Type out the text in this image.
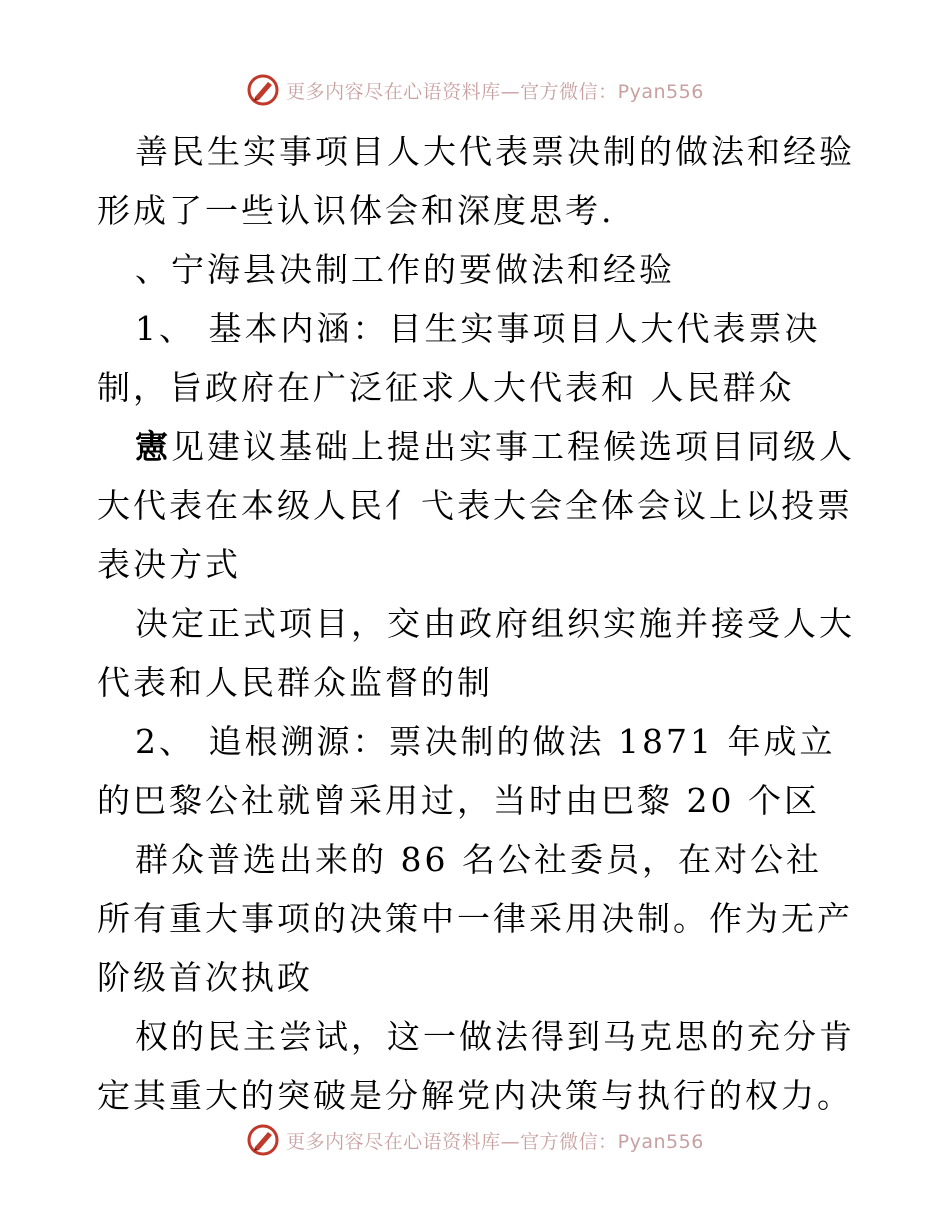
更多内容尽在心语资料库—官方微信：Pyan556

善民生实事项目人大代表票决制的做法和经验形成了一些认识体会和深度思考.

、宁海县决制工作的要做法和经验

1、 基本内涵：目生实事项目人大代表票决制，旨政府在广泛征求人大代表和 人民群众

憲见建议基础上提出实事工程候选项目同级人大代表在本级人民亻弋表大会全体会议上以投票表决方式

决定正式项目，交由政府组织实施并接受人大代表和人民群众监督的制

2、 追根溯源：票决制的做法 1871 年成立的巴黎公社就曾采用过，当时由巴黎 20 个区

群众普选出来的 86 名公社委员，在对公社所有重大事项的决策中一律采用决制。作为无产阶级首次执政

权的民主尝试，这一做法得到马克思的充分肯定其重大的突破是分解党内决策与执行的权力。

更多内容尽在心语资料库—官方微信：Pyan556
